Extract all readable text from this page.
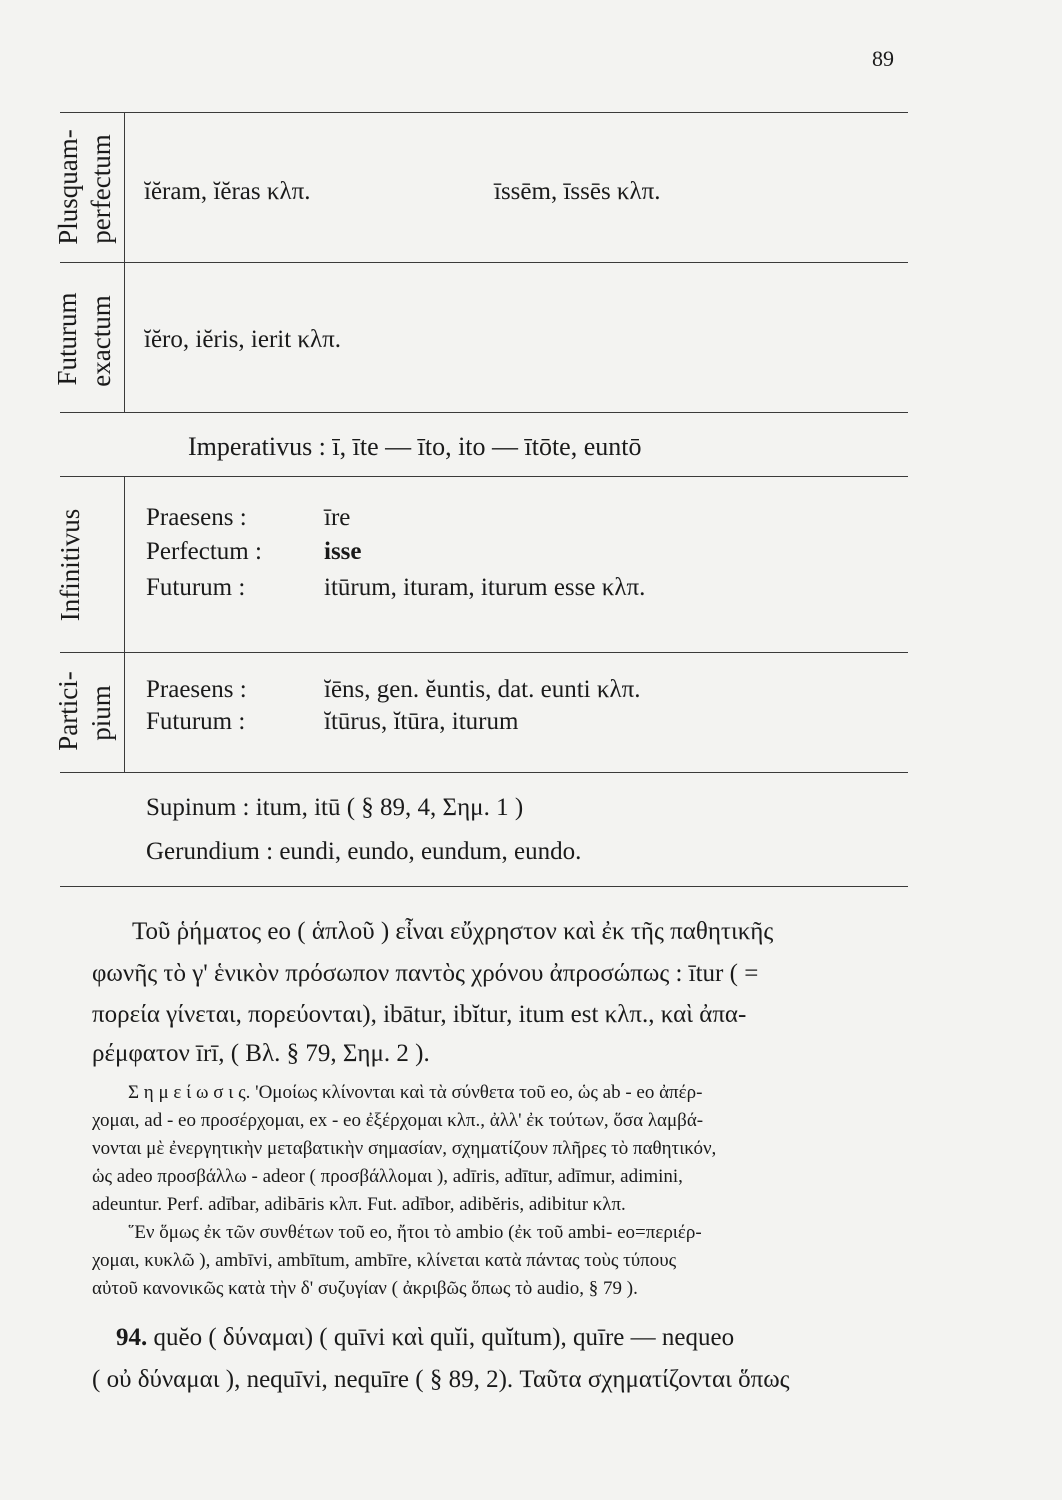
89
Plusquam- perfectum ĭĕram, ĭĕras κλπ.	īssēm, īssēs κλπ.
Futurum exactum ĭĕro, iĕris, ierit κλπ.
Imperativus : ī, īte — īto, ito — ītōte, euntō
Infinitivus Praesens :	īre
Perfectum : isse
Futurum :	itūrum, ituram, iturum esse κλπ.
Partici- pium Praesens :	ĭēns, gen. ĕuntis, dat. eunti κλπ.
Futurum :	ĭtūrus, ĭtūra, iturum
Supinum : itum, itū ( § 89, 4, Σημ. 1 )
Gerundium : eundi, eundo, eundum, eundo.
Τοῦ ῥήματος eo ( ἁπλοῦ ) εἶναι εὔχρηστον καὶ ἐκ τῆς παθητικῆς
φωνῆς τὸ γ' ἑνικὸν πρόσωπον παντὸς χρόνου ἀπροσώπως : ītur ( =
πορεία γίνεται, πορεύονται), ibātur, ibĭtur, itum est κλπ., καὶ ἀπα-
ρέμφατον īrī, ( Βλ. § 79, Σημ. 2 ).
Σ η μ ε ί ω σ ι ς. 'Ομοίως κλίνονται καὶ τὰ σύνθετα τοῦ eo, ὡς ab - eo ἀπέρ-
χομαι, ad - eo προσέρχομαι, ex - eo ἐξέρχομαι κλπ., ἀλλ' ἐκ τούτων, ὅσα λαμβά-
νονται μὲ ἐνεργητικὴν μεταβατικὴν σημασίαν, σχηματίζουν πλῆρες τὸ παθητικόν,
ὡς adeo προσβάλλω - adeor ( προσβάλλομαι ), adīris, adītur, adīmur, adimini,
adeuntur. Perf. adībar, adibāris κλπ. Fut. adībor, adibĕris, adibitur κλπ.
῞Εν ὅμως ἐκ τῶν συνθέτων τοῦ eo, ἤτοι τὸ ambio (ἐκ τοῦ ambi- eo=περιέρ-
χομαι, κυκλῶ ), ambīvi, ambītum, ambīre, κλίνεται κατὰ πάντας τοὺς τύπους
αὐτοῦ κανονικῶς κατὰ τὴν δ' συζυγίαν ( ἀκριβῶς ὅπως τὸ audio, § 79 ).
94. quĕo ( δύναμαι) ( quīvi καὶ quĭi, quĭtum), quīre — nequeo
( οὐ δύναμαι ), nequīvi, nequīre ( § 89, 2). Ταῦτα σχηματίζονται ὅπως
